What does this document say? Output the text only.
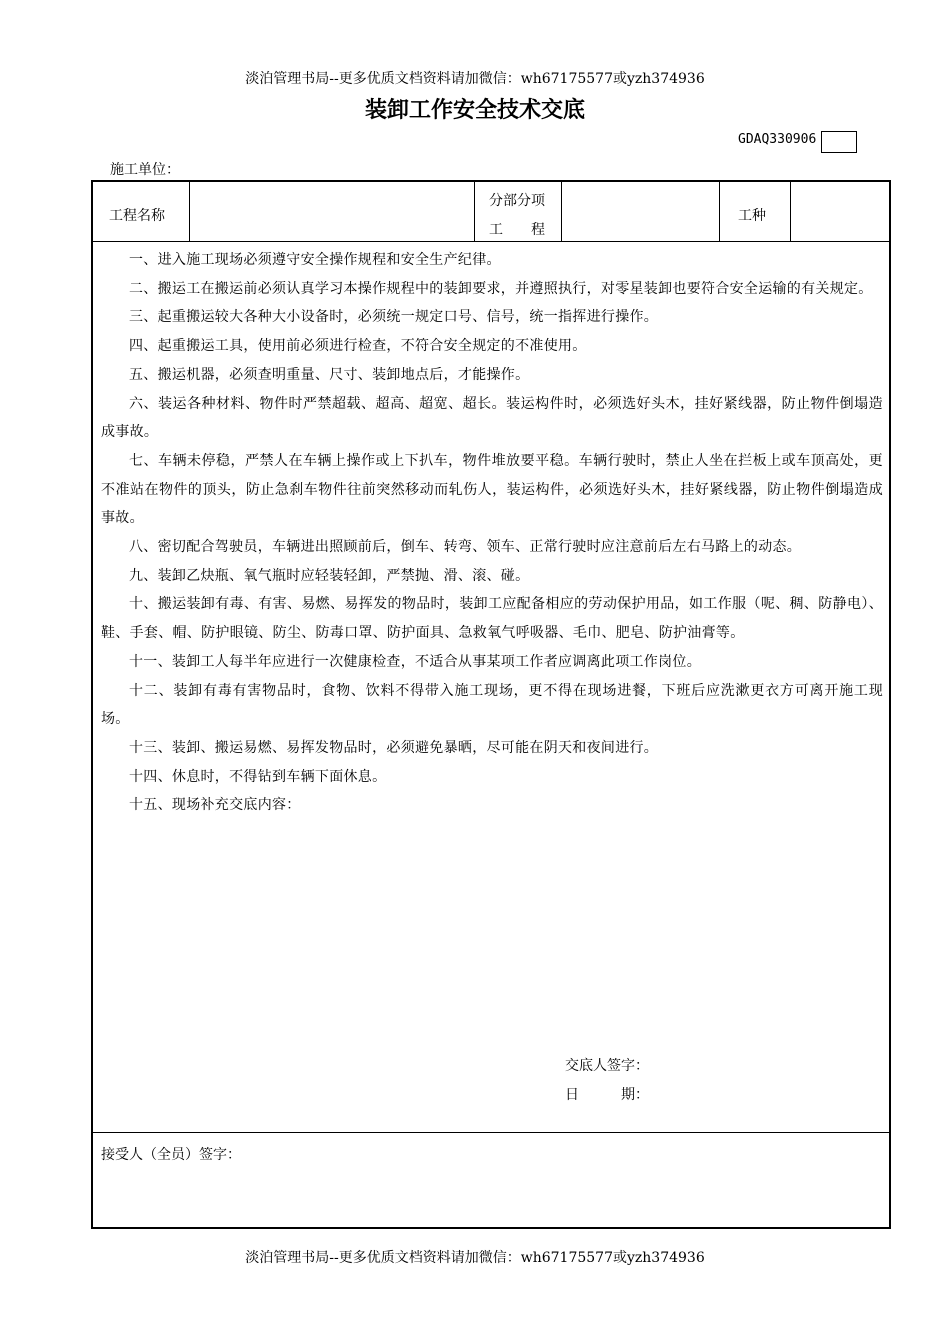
淡泊管理书局--更多优质文档资料请加微信：wh67175577或yzh374936
装卸工作安全技术交底
GDAQ330906
施工单位：
工程名称
分部分项
工　　程
工种

一、进入施工现场必须遵守安全操作规程和安全生产纪律。

二、搬运工在搬运前必须认真学习本操作规程中的装卸要求，并遵照执行，对零星装卸也要符合安全运输的有关规定。

三、起重搬运较大各种大小设备时，必须统一规定口号、信号，统一指挥进行操作。

四、起重搬运工具，使用前必须进行检查，不符合安全规定的不准使用。

五、搬运机器，必须查明重量、尺寸、装卸地点后，才能操作。

六、装运各种材料、物件时严禁超载、超高、超宽、超长。装运构件时，必须选好头木，挂好紧线器，防止物件倒塌造成事故。

七、车辆未停稳，严禁人在车辆上操作或上下扒车，物件堆放要平稳。车辆行驶时，禁止人坐在拦板上或车顶高处，更不准站在物件的顶头，防止急刹车物件往前突然移动而轧伤人，装运构件，必须选好头木，挂好紧线器，防止物件倒塌造成事故。

八、密切配合驾驶员，车辆进出照顾前后，倒车、转弯、领车、正常行驶时应注意前后左右马路上的动态。

九、装卸乙炔瓶、氧气瓶时应轻装轻卸，严禁抛、滑、滚、碰。

十、搬运装卸有毒、有害、易燃、易挥发的物品时，装卸工应配备相应的劳动保护用品，如工作服（呢、稠、防静电）、鞋、手套、帽、防护眼镜、防尘、防毒口罩、防护面具、急救氧气呼吸器、毛巾、肥皂、防护油膏等。

十一、装卸工人每半年应进行一次健康检查，不适合从事某项工作者应调离此项工作岗位。

十二、装卸有毒有害物品时，食物、饮料不得带入施工现场，更不得在现场进餐，下班后应洗漱更衣方可离开施工现场。

十三、装卸、搬运易燃、易挥发物品时，必须避免暴晒，尽可能在阴天和夜间进行。

十四、休息时，不得钻到车辆下面休息。

十五、现场补充交底内容：

交底人签字：
日　　　期：
接受人（全员）签字：
淡泊管理书局--更多优质文档资料请加微信：wh67175577或yzh374936
